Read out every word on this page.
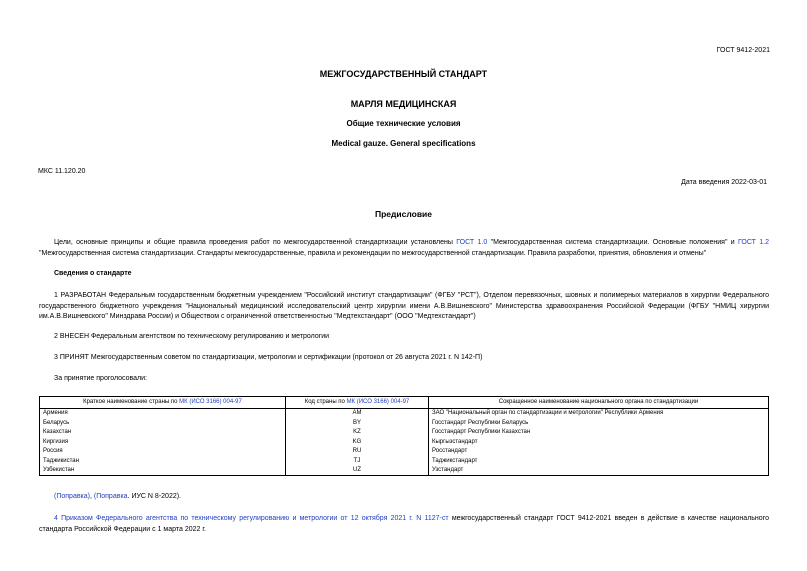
ГОСТ 9412-2021
МЕЖГОСУДАРСТВЕННЫЙ СТАНДАРТ
МАРЛЯ МЕДИЦИНСКАЯ
Общие технические условия
Medical gauze. General specifications
МКС 11.120.20
Дата введения 2022-03-01
Предисловие
Цели, основные принципы и общие правила проведения работ по межгосударственной стандартизации установлены ГОСТ 1.0 "Межгосударственная система стандартизации. Основные положения" и ГОСТ 1.2 "Межгосударственная система стандартизации. Стандарты межгосударственные, правила и рекомендации по межгосударственной стандартизации. Правила разработки, принятия, обновления и отмены"
Сведения о стандарте
1 РАЗРАБОТАН Федеральным государственным бюджетным учреждением "Российский институт стандартизации" (ФГБУ "РСТ"), Отделом перевязочных, шовных и полимерных материалов в хирургии Федерального государственного бюджетного учреждения "Национальный медицинский исследовательский центр хирургии имени А.В.Вишневского" Министерства здравоохранения Российской Федерации (ФГБУ "НМИЦ хирургии им.А.В.Вишневского" Минздрава России) и Обществом с ограниченной ответственностью "Медтехстандарт" (ООО "Медтехстандарт")
2 ВНЕСЕН Федеральным агентством по техническому регулированию и метрологии
3 ПРИНЯТ Межгосударственным советом по стандартизации, метрологии и сертификации (протокол от 26 августа 2021 г. N 142-П)
За принятие проголосовали:
Краткое наименование страны по МК (ИСО 3166) 004-97	Код страны по МК (ИСО 3166) 004-97	Сокращенное наименование национального органа по стандартизации
Армения	AM	ЗАО "Национальный орган по стандартизации и метрологии" Республики Армения
Беларусь	BY	Госстандарт Республики Беларусь
Казахстан	KZ	Госстандарт Республики Казахстан
Киргизия	KG	Кыргызстандарт
Россия	RU	Росстандарт
Таджикистан	TJ	Таджикстандарт
Узбекистан	UZ	Узстандарт
(Поправка), (Поправка. ИУС N 8-2022).
4 Приказом Федерального агентства по техническому регулированию и метрологии от 12 октября 2021 г. N 1127-ст межгосударственный стандарт ГОСТ 9412-2021 введен в действие в качестве национального стандарта Российской Федерации с 1 марта 2022 г.
